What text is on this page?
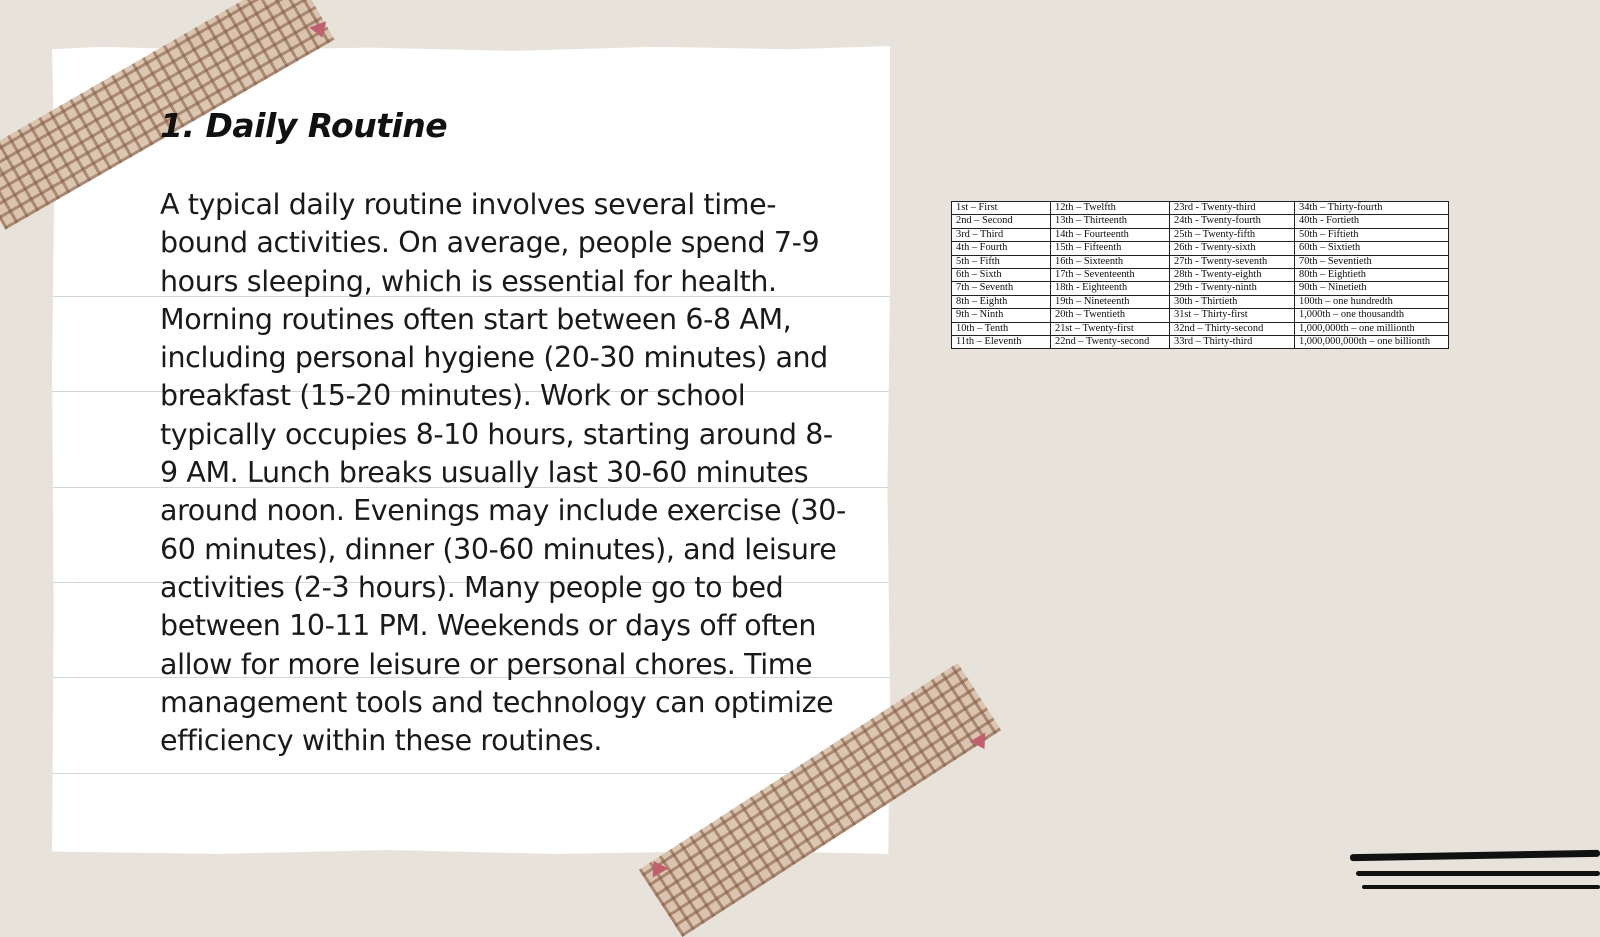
1. Daily Routine

A typical daily routine involves several time-bound activities. On average, people spend 7-9 hours sleeping, which is essential for health. Morning routines often start between 6-8 AM, including personal hygiene (20-30 minutes) and breakfast (15-20 minutes). Work or school typically occupies 8-10 hours, starting around 8-9 AM. Lunch breaks usually last 30-60 minutes around noon. Evenings may include exercise (30-60 minutes), dinner (30-60 minutes), and leisure activities (2-3 hours). Many people go to bed between 10-11 PM. Weekends or days off often allow for more leisure or personal chores. Time management tools and technology can optimize efficiency within these routines.

1st – First	12th – Twelfth	23rd - Twenty-third	34th – Thirty-fourth
2nd – Second	13th – Thirteenth	24th - Twenty-fourth	40th - Fortieth
3rd – Third	14th – Fourteenth	25th – Twenty-fifth	50th – Fiftieth
4th – Fourth	15th – Fifteenth	26th - Twenty-sixth	60th – Sixtieth
5th – Fifth	16th – Sixteenth	27th - Twenty-seventh	70th – Seventieth
6th – Sixth	17th – Seventeenth	28th - Twenty-eighth	80th – Eightieth
7th – Seventh	18th - Eighteenth	29th - Twenty-ninth	90th – Ninetieth
8th – Eighth	19th – Nineteenth	30th - Thirtieth	100th – one hundredth
9th – Ninth	20th – Twentieth	31st – Thirty-first	1,000th – one thousandth
10th – Tenth	21st – Twenty-first	32nd – Thirty-second	1,000,000th – one millionth
11th – Eleventh	22nd – Twenty-second	33rd – Thirty-third	1,000,000,000th – one billionth
